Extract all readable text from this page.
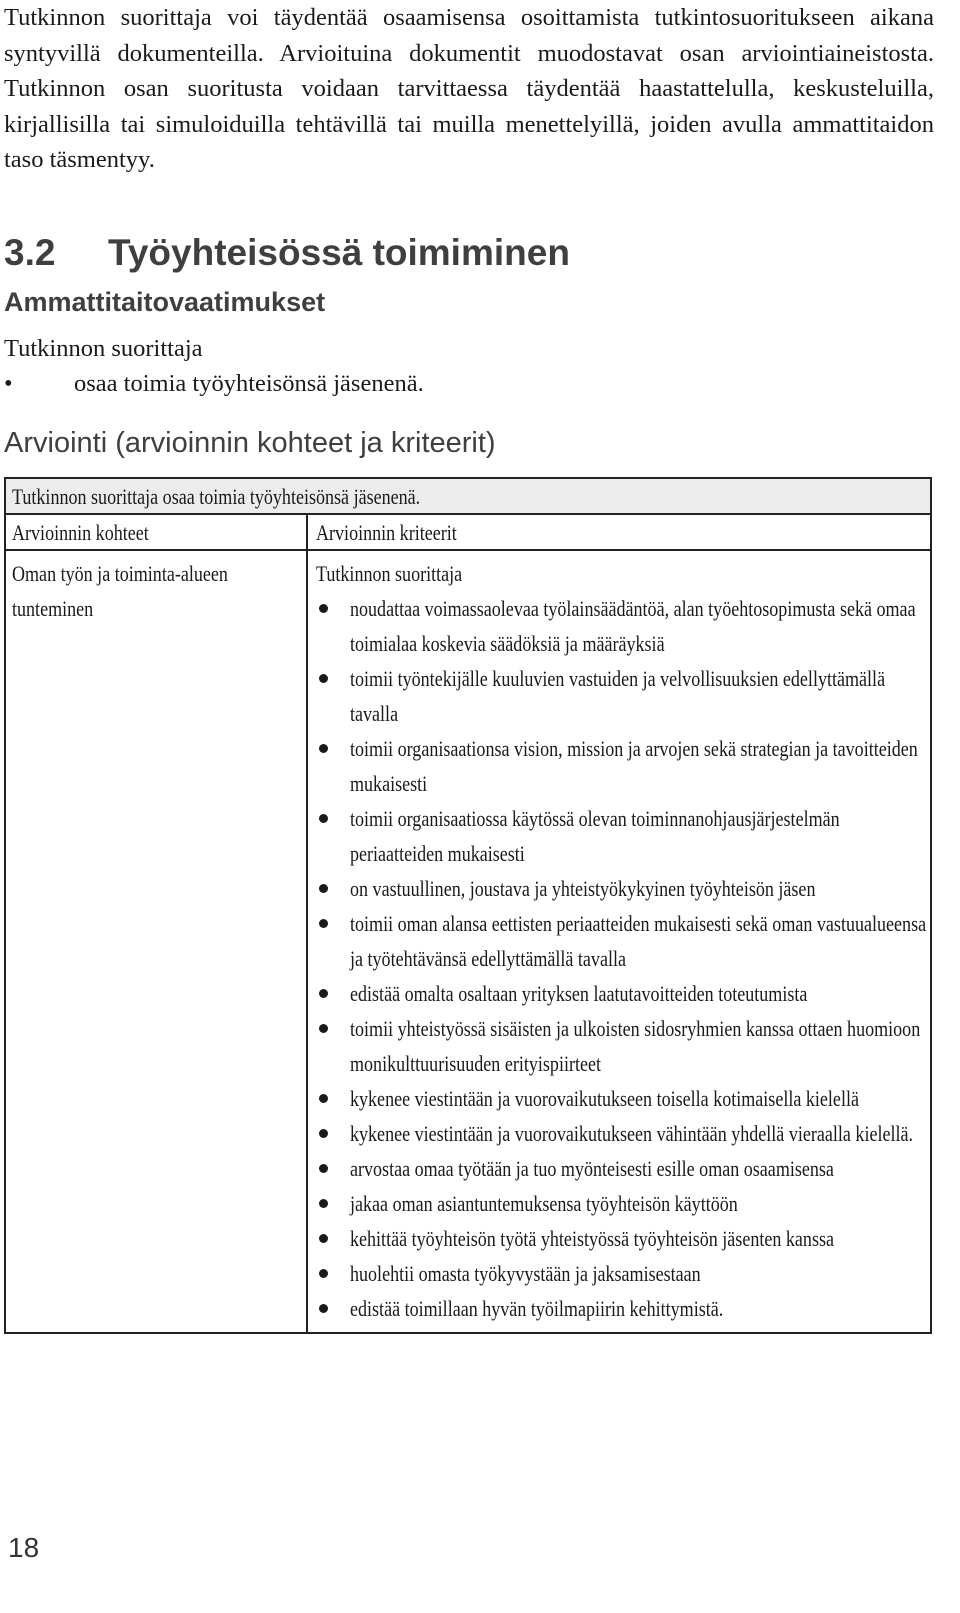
Tutkinnon suorittaja voi täydentää osaamisensa osoittamista tutkintosuoritukseen aikana syntyvillä dokumenteilla. Arvioituina dokumentit muodostavat osan arviointiaineistosta. Tutkinnon osan suoritusta voidaan tarvittaessa täydentää haastattelulla, keskusteluilla, kirjallisilla tai simuloiduilla tehtävillä tai muilla menettelyillä, joiden avulla ammattitaidon taso täsmentyy.

3.2 Työyhteisössä toimiminen
Ammattitaitovaatimukset
Tutkinnon suorittaja
•	osaa toimia työyhteisönsä jäsenenä.
Arviointi (arvioinnin kohteet ja kriteerit)
Tutkinnon suorittaja osaa toimia työyhteisönsä jäsenenä.
Arvioinnin kohteet	Arvioinnin kriteerit
Oman työn ja toiminta-alueen tunteminen
Tutkinnon suorittaja
noudattaa voimassaolevaa työlainsäädäntöä, alan työehtosopimusta sekä omaa toimialaa koskevia säädöksiä ja määräyksiä
toimii työntekijälle kuuluvien vastuiden ja velvollisuuksien edellyttämällä tavalla
toimii organisaationsa vision, mission ja arvojen sekä strategian ja tavoitteiden mukaisesti
toimii organisaatiossa käytössä olevan toiminnanohjausjärjestelmän periaatteiden mukaisesti
on vastuullinen, joustava ja yhteistyökykyinen työyhteisön jäsen
toimii oman alansa eettisten periaatteiden mukaisesti sekä oman vastuualueensa ja työtehtävänsä edellyttämällä tavalla
edistää omalta osaltaan yrityksen laatutavoitteiden toteutumista
toimii yhteistyössä sisäisten ja ulkoisten sidosryhmien kanssa ottaen huomioon monikulttuurisuuden erityispiirteet
kykenee viestintään ja vuorovaikutukseen toisella kotimaisella kielellä
kykenee viestintään ja vuorovaikutukseen vähintään yhdellä vieraalla kielellä.
arvostaa omaa työtään ja tuo myönteisesti esille oman osaamisensa
jakaa oman asiantuntemuksensa työyhteisön käyttöön
kehittää työyhteisön työtä yhteistyössä työyhteisön jäsenten kanssa
huolehtii omasta työkyvystään ja jaksamisestaan
edistää toimillaan hyvän työilmapiirin kehittymistä.
18
